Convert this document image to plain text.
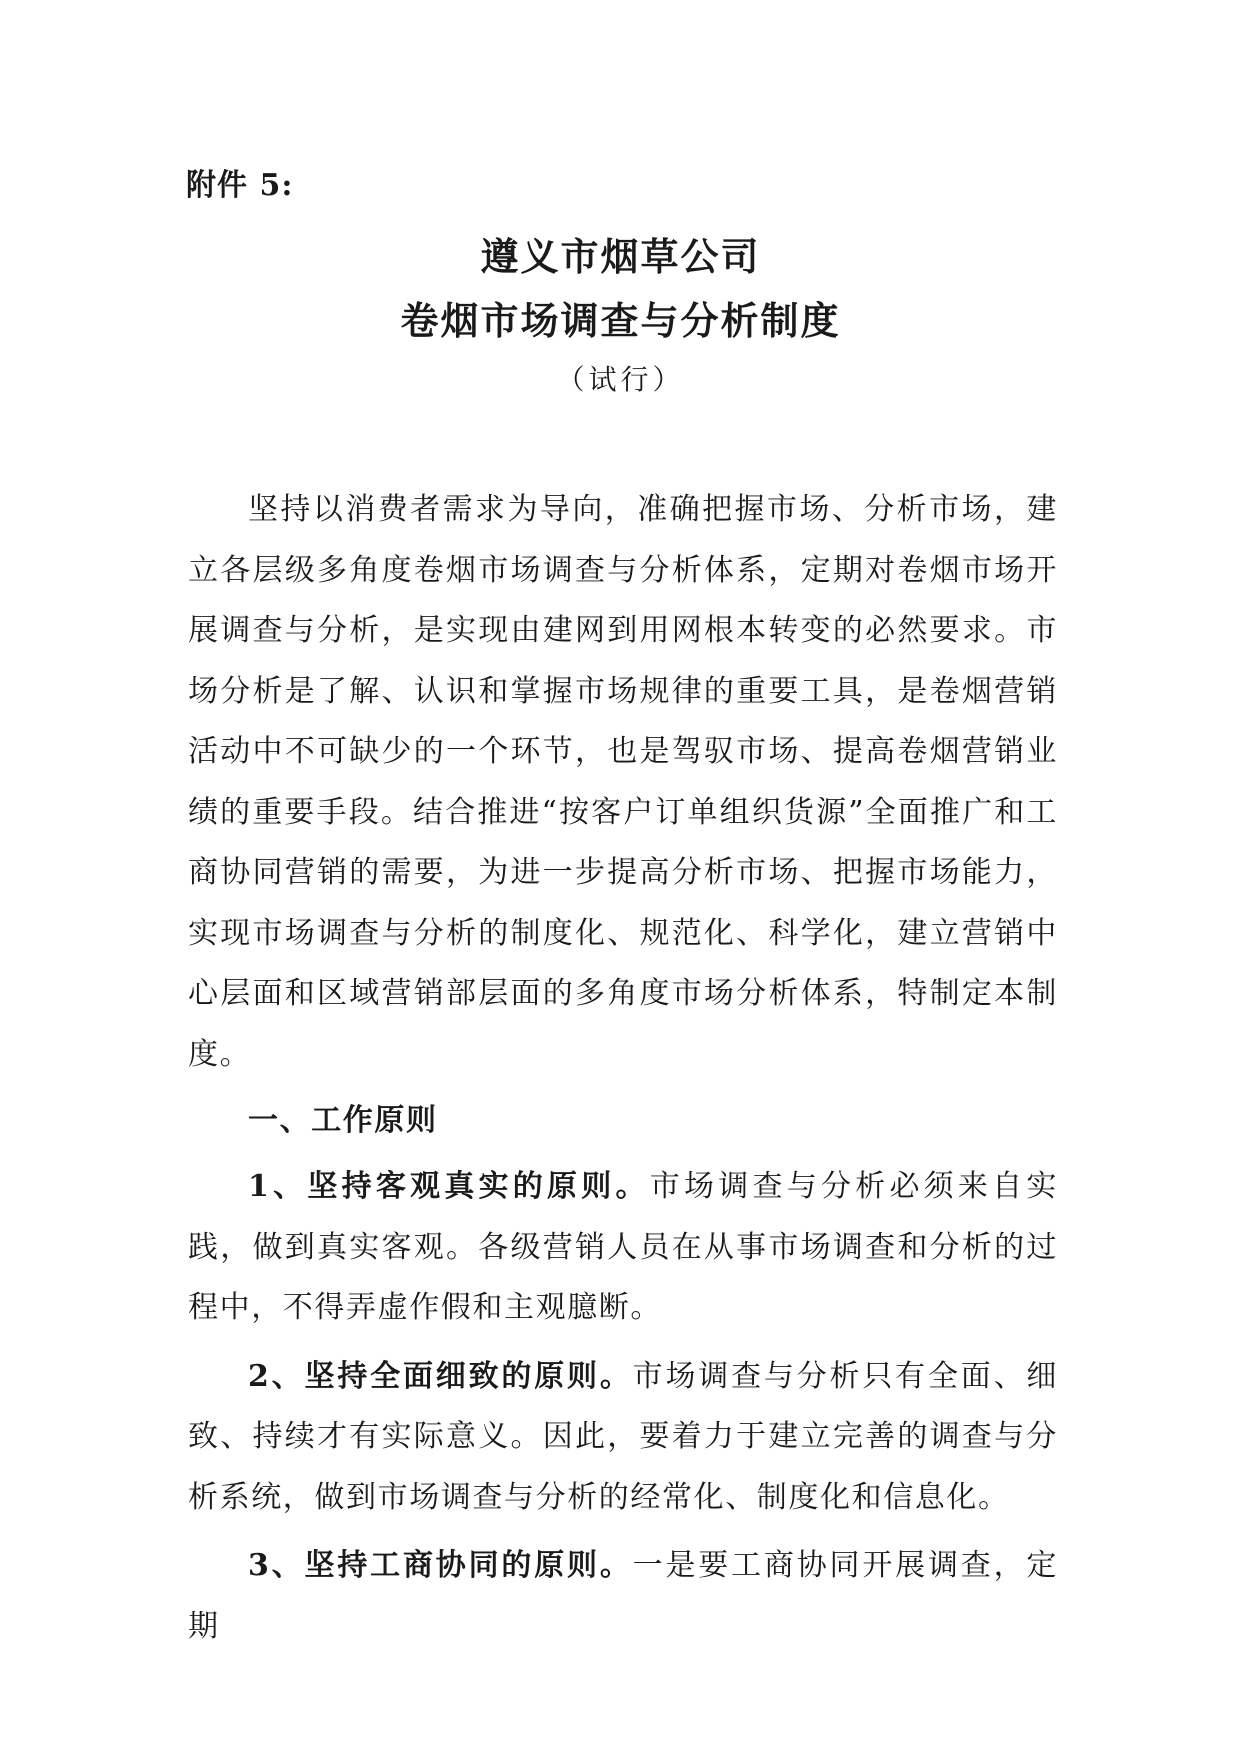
附件 5:
遵义市烟草公司
卷烟市场调查与分析制度
（试行）

坚持以消费者需求为导向，准确把握市场、分析市场，建立各层级多角度卷烟市场调查与分析体系，定期对卷烟市场开展调查与分析，是实现由建网到用网根本转变的必然要求。市场分析是了解、认识和掌握市场规律的重要工具，是卷烟营销活动中不可缺少的一个环节，也是驾驭市场、提高卷烟营销业绩的重要手段。结合推进“按客户订单组织货源”全面推广和工商协同营销的需要，为进一步提高分析市场、把握市场能力，实现市场调查与分析的制度化、规范化、科学化，建立营销中心层面和区域营销部层面的多角度市场分析体系，特制定本制度。

一、工作原则

1、坚持客观真实的原则。市场调查与分析必须来自实践，做到真实客观。各级营销人员在从事市场调查和分析的过程中，不得弄虚作假和主观臆断。

2、坚持全面细致的原则。市场调查与分析只有全面、细致、持续才有实际意义。因此，要着力于建立完善的调查与分析系统，做到市场调查与分析的经常化、制度化和信息化。

3、坚持工商协同的原则。一是要工商协同开展调查，定期
